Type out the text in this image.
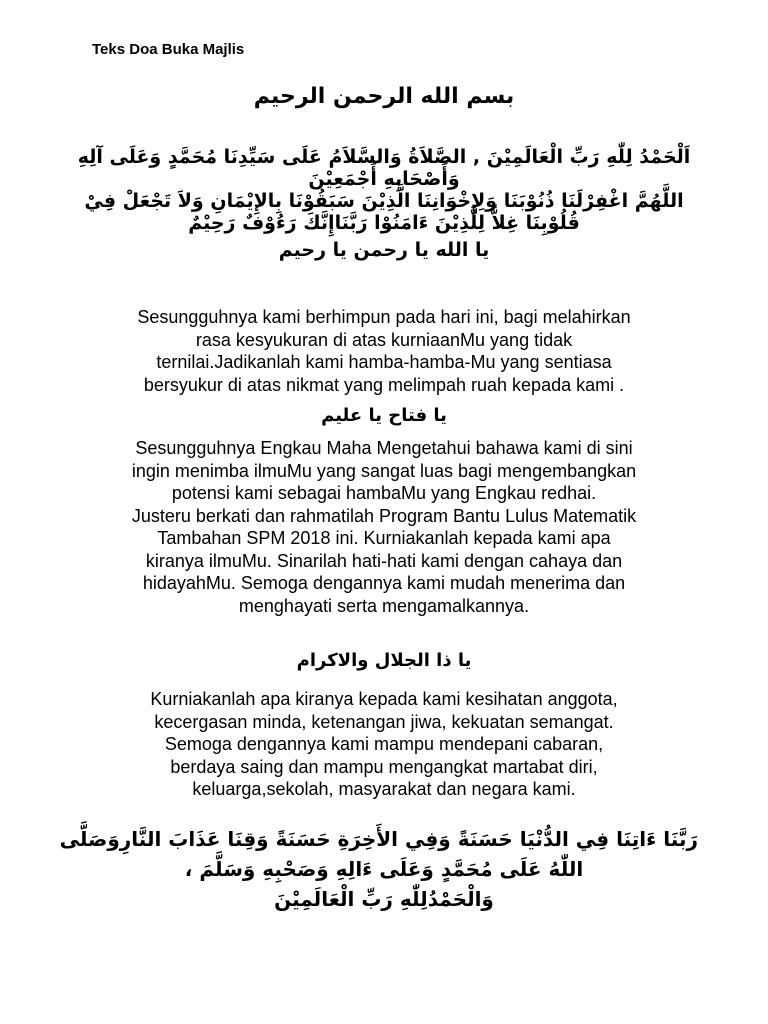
Teks Doa Buka Majlis
بسم الله الرحمن الرحيم
اَلْحَمْدُ لِلّٰهِ رَبِّ الْعَالَمِيْنَ , الصَّلاَةُ وَالسَّلاَمُ عَلَى سَيِّدِنَا مُحَمَّدٍ وَعَلَى آلِهِ
وَأَصْحَابِهِ أَجْمَعِيْنَ
اللَّهُمَّ اغْفِرْلَنَا ذُنُوْبَنَا وَلِإِخْوَانِنَا الَّذِيْنَ سَبَقُوْنَا بِالإِيْمَانِ وَلاَ تَجْعَلْ فِيْ
قُلُوْبِنَا غِلاًّ لِلَّذِيْنَ ءَامَنُوْا رَبَّنَاإِنَّكَ رَءُوْفٌ رَحِيْمٌ
يا الله يا رحمن يا رحيم
Sesungguhnya kami berhimpun pada hari ini, bagi melahirkan
rasa kesyukuran di atas kurniaanMu yang tidak
ternilai.Jadikanlah kami hamba-hamba-Mu yang sentiasa
bersyukur di atas nikmat yang melimpah ruah kepada kami .
يا فتاح يا عليم
Sesungguhnya Engkau Maha Mengetahui bahawa kami di sini
ingin menimba ilmuMu yang sangat luas bagi mengembangkan
potensi kami sebagai hambaMu yang Engkau redhai.
Justeru berkati dan rahmatilah Program Bantu Lulus Matematik
Tambahan SPM 2018 ini. Kurniakanlah kepada kami apa
kiranya ilmuMu. Sinarilah hati-hati kami dengan cahaya dan
hidayahMu. Semoga dengannya kami mudah menerima dan
menghayati serta mengamalkannya.
يا ذا الجلال والاكرام
Kurniakanlah apa kiranya kepada kami kesihatan anggota,
kecergasan minda, ketenangan jiwa, kekuatan semangat.
Semoga dengannya kami mampu mendepani cabaran,
berdaya saing dan mampu mengangkat martabat diri,
keluarga,sekolah, masyarakat dan negara kami.
رَبَّنَا ءَاتِنَا فِي الدُّنْيَا حَسَنَةً وَفِي الأَخِرَةِ حَسَنَةً وَقِنَا عَذَابَ النَّارِوَصَلَّى
اللّٰهُ عَلَى مُحَمَّدٍ وَعَلَى ءَالِهِ وَصَحْبِهِ وَسَلَّمَ ،
وَالْحَمْدُلِلّٰهِ رَبِّ الْعَالَمِيْنَ
